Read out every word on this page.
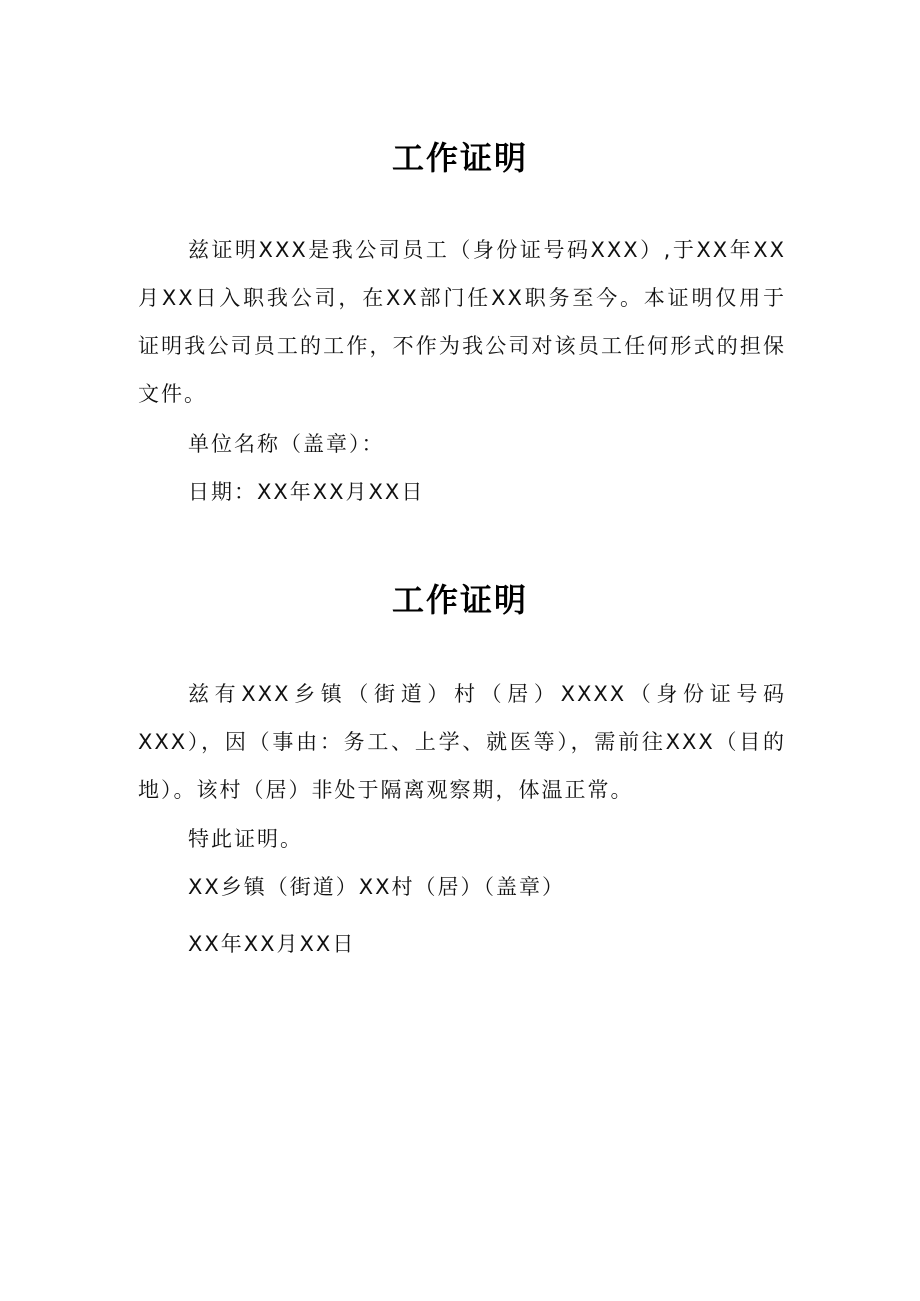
工作证明

兹证明XXX是我公司员工（身份证号码XXX）,于XX年XX月XX日入职我公司，在XX部门任XX职务至今。本证明仅用于证明我公司员工的工作，不作为我公司对该员工任何形式的担保文件。

单位名称（盖章）：
日期：XX年XX月XX日
工作证明

兹有XXX乡镇（街道）村（居）XXXX（身份证号码XXX），因（事由：务工、上学、就医等），需前往XXX（目的地）。该村（居）非处于隔离观察期，体温正常。

特此证明。
XX乡镇（街道）XX村（居）（盖章）
XX年XX月XX日
